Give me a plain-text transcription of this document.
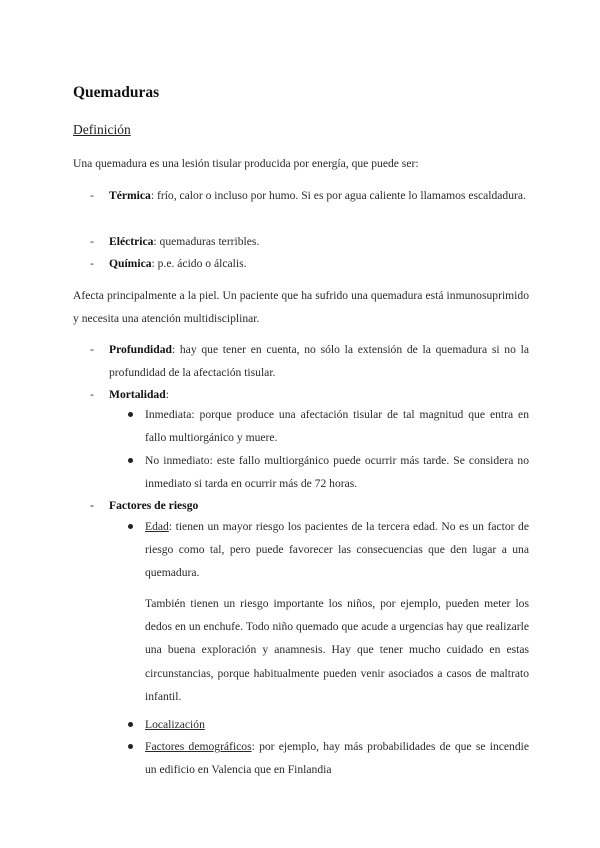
Quemaduras
Definición
Una quemadura es una lesión tisular producida por energía, que puede ser:
- Térmica: frío, calor o incluso por humo. Si es por agua caliente lo llamamos escaldadura.
- Eléctrica: quemaduras terribles.
- Química: p.e. ácido o álcalis.
Afecta principalmente a la piel. Un paciente que ha sufrido una quemadura está inmunosuprimido y necesita una atención multidisciplinar.
- Profundidad: hay que tener en cuenta, no sólo la extensión de la quemadura si no la profundidad de la afectación tisular.
- Mortalidad:
Inmediata: porque produce una afectación tisular de tal magnitud que entra en fallo multiorgánico y muere.
No inmediato: este fallo multiorgánico puede ocurrir más tarde. Se considera no inmediato si tarda en ocurrir más de 72 horas.
- Factores de riesgo
Edad: tienen un mayor riesgo los pacientes de la tercera edad. No es un factor de riesgo como tal, pero puede favorecer las consecuencias que den lugar a una quemadura.
También tienen un riesgo importante los niños, por ejemplo, pueden meter los dedos en un enchufe. Todo niño quemado que acude a urgencias hay que realizarle una buena exploración y anamnesis. Hay que tener mucho cuidado en estas circunstancias, porque habitualmente pueden venir asociados a casos de maltrato infantil.
Localización
Factores demográficos: por ejemplo, hay más probabilidades de que se incendie un edificio en Valencia que en Finlandia
